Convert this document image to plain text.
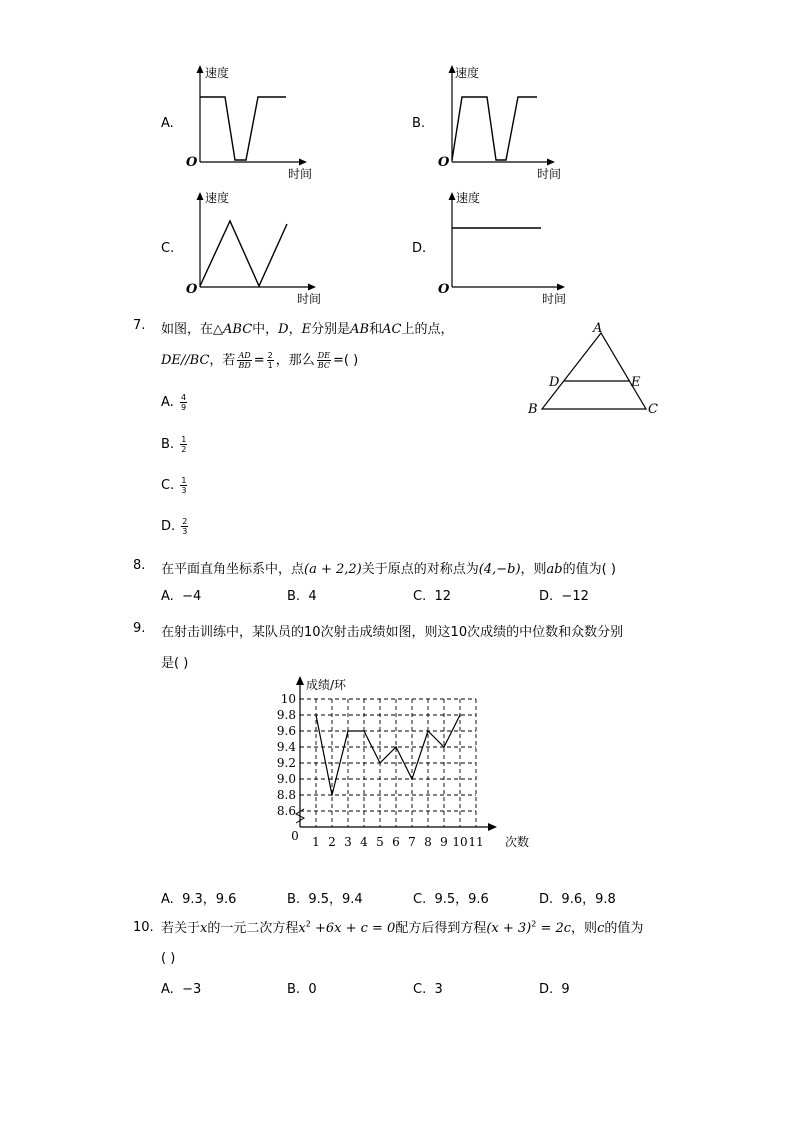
A.
速度
时间
O
B.
速度
时间
O
C.
速度
时间
O
D.
速度
时间
O
7. 如图，在△ABC中，D，E分别是AB和AC上的点，
DE//BC，若 $\frac{AD}{BD} = \frac{2}{1}$ ，那么 $\frac{DE}{BC}$ =( )
A
B	C
D	E
A. $\frac{4}{9}$
B. $\frac{1}{2}$
C. $\frac{1}{3}$
D. $\frac{2}{3}$
8. 在平面直角坐标系中，点(a + 2,2)关于原点的对称点为(4,−b)，则ab的值为( )
A. −4	B. 4	C. 12	D. −12
9. 在射击训练中，某队员的10次射击成绩如图，则这10次成绩的中位数和众数分别
是( )
8.6
8.8
9.0
9.2
9.4
9.6
9.8
10
0 1 2 3 4 5 6 7 8 9 10 11
成绩/环
次数
A. 9.3，9.6	B. 9.5，9.4	C. 9.5，9.6	D. 9.6，9.8
10. 若关于x的一元二次方程$x^2 +6x + c = 0$配方后得到方程$(x + 3)^2 = 2c$，则c的值为
( )
A. −3	B. 0	C. 3	D. 9
